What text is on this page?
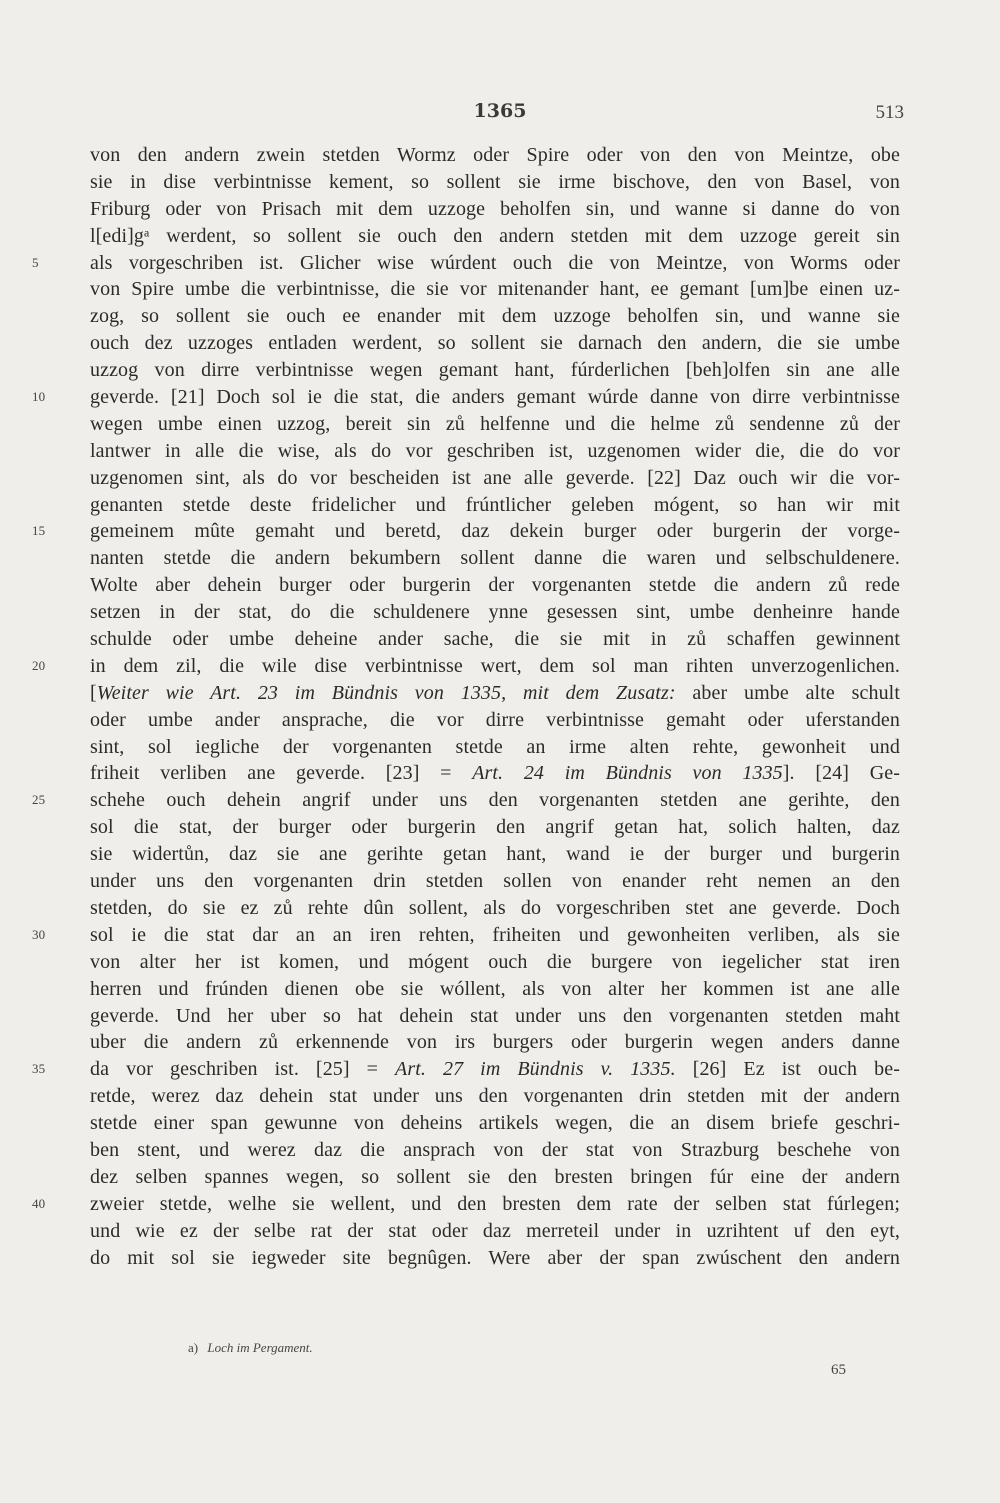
1365	513
von den andern zwein stetden Wormz oder Spire oder von den von Meintze, obe
sie in dise verbintnisse kement, so sollent sie irme bischove, den von Basel, von
Friburg oder von Prisach mit dem uzzoge beholfen sin, und wanne si danne do von
l[edi]gᵃ werdent, so sollent sie ouch den andern stetden mit dem uzzoge gereit sin
5	als vorgeschriben ist. Glicher wise wúrdent ouch die von Meintze, von Worms oder
von Spire umbe die verbintnisse, die sie vor mitenander hant, ee gemant [um]be einen uz-
zog, so sollent sie ouch ee enander mit dem uzzoge beholfen sin, und wanne sie
ouch dez uzzoges entladen werdent, so sollent sie darnach den andern, die sie umbe
uzzog von dirre verbintnisse wegen gemant hant, fúrderlichen [beh]olfen sin ane alle
10	geverde. [21] Doch sol ie die stat, die anders gemant wúrde danne von dirre verbintnisse
wegen umbe einen uzzog, bereit sin zů helfenne und die helme zů sendenne zů der
lantwer in alle die wise, als do vor geschriben ist, uzgenomen wider die, die do vor
uzgenomen sint, als do vor bescheiden ist ane alle geverde. [22] Daz ouch wir die vor-
genanten stetde deste fridelicher und frúntlicher geleben mógent, so han wir mit
15	gemeinem mûte gemaht und beretd, daz dekein burger oder burgerin der vorge-
nanten stetde die andern bekumbern sollent danne die waren und selbschuldenere.
Wolte aber dehein burger oder burgerin der vorgenanten stetde die andern zů rede
setzen in der stat, do die schuldenere ynne gesessen sint, umbe denheinre hande
schulde oder umbe deheine ander sache, die sie mit in zů schaffen gewinnent
20	in dem zil, die wile dise verbintnisse wert, dem sol man rihten unverzogenlichen.
[Weiter wie Art. 23 im Bündnis von 1335, mit dem Zusatz: aber umbe alte schult
oder umbe ander ansprache, die vor dirre verbintnisse gemaht oder uferstanden
sint, sol iegliche der vorgenanten stetde an irme alten rehte, gewonheit und
friheit verliben ane geverde. [23] = Art. 24 im Bündnis von 1335]. [24] Ge-
25	schehe ouch dehein angrif under uns den vorgenanten stetden ane gerihte, den
sol die stat, der burger oder burgerin den angrif getan hat, solich halten, daz
sie widertůn, daz sie ane gerihte getan hant, wand ie der burger und burgerin
under uns den vorgenanten drin stetden sollen von enander reht nemen an den
stetden, do sie ez zů rehte dûn sollent, als do vorgeschriben stet ane geverde. Doch
30	sol ie die stat dar an an iren rehten, friheiten und gewonheiten verliben, als sie
von alter her ist komen, und mógent ouch die burgere von iegelicher stat iren
herren und frúnden dienen obe sie wóllent, als von alter her kommen ist ane alle
geverde. Und her uber so hat dehein stat under uns den vorgenanten stetden maht
uber die andern zů erkennende von irs burgers oder burgerin wegen anders danne
35	da vor geschriben ist. [25] = Art. 27 im Bündnis v. 1335. [26] Ez ist ouch be-
retde, werez daz dehein stat under uns den vorgenanten drin stetden mit der andern
stetde einer span gewunne von deheins artikels wegen, die an disem briefe geschri-
ben stent, und werez daz die ansprach von der stat von Strazburg beschehe von
dez selben spannes wegen, so sollent sie den bresten bringen fúr eine der andern
40	zweier stetde, welhe sie wellent, und den bresten dem rate der selben stat fúrlegen;
und wie ez der selbe rat der stat oder daz merreteil under in uzrihtent uf den eyt,
do mit sol sie iegweder site begnûgen. Were aber der span zwúschent den andern
a) Loch im Pergament.
65
